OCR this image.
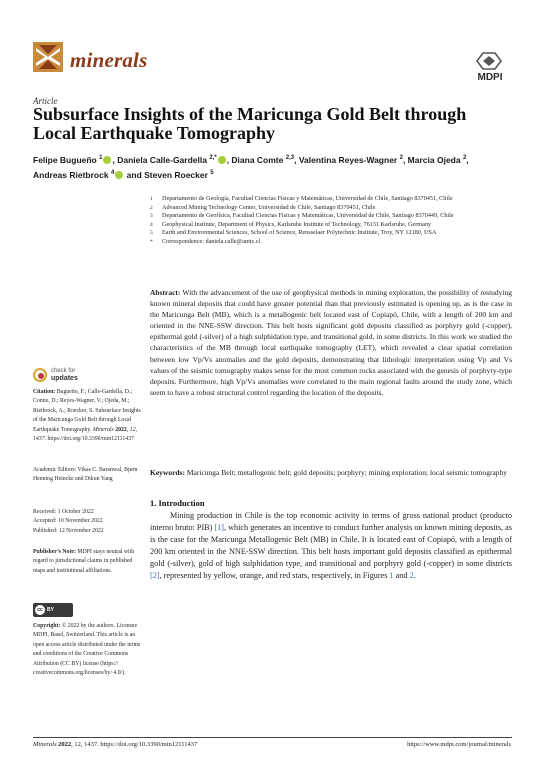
minerals
MDPI
Article
Subsurface Insights of the Maricunga Gold Belt through Local Earthquake Tomography
Felipe Bugueño $^1$ , Daniela Calle-Gardella $^{2,*}$ , Diana Comte $^{2,3}$, Valentina Reyes-Wagner $^2$, Marcia Ojeda $^2$,
Andreas Rietbrock $^4$ and Steven Roecker $^5$
1	Departamento de Geología, Facultad Ciencias Físicas y Matemáticas, Universidad de Chile, Santiago 8370451, Chile
2	Advanced Mining Technology Center, Universidad de Chile, Santiago 8370451, Chile
3	Departamento de Geofísica, Facultad Ciencias Físicas y Matemáticas, Universidad de Chile, Santiago 8370449, Chile
4	Geophysical Institute, Department of Physics, Karlsruhe Institute of Technology, 76131 Karlsruhe, Germany
5	Earth and Environmental Sciences, School of Science, Rensselaer Polytechnic Institute, Troy, NY 12180, USA
*	Correspondence: daniela.calle@amtc.cl
Abstract: With the advancement of the use of geophysical methods in mining exploration, the possibility of restudying known mineral deposits that could have greater potential than that previously estimated is opening up, as is the case in the Maricunga Belt (MB), which is a metallogenic belt located east of Copiapó, Chile, with a length of 200 km and oriented in the NNE-SSW direction. This belt hosts significant gold deposits classified as porphyry gold (-copper), epithermal gold (-silver) of a high sulphidation type, and transitional gold, in some districts. In this work we studied the characteristics of the MB through local earthquake tomography (LET), which revealed a clear spatial correlation between low Vp/Vs anomalies and the gold deposits, demonstrating that lithologic interpretation using Vp and Vs values of the seismic tomography makes sense for the most common rocks associated with the genesis of porphyry-type deposits. Furthermore, high Vp/Vs anomalies were correlated to the main regional faults around the study zone, which seem to have a robust structural control regarding the location of the deposits.
Keywords: Maricunga Belt; metallogenic belt; gold deposits; porphyry; mining exploration; local seismic tomography
check for
updates
Citation: Bugueño, F.; Calle-Gardella, D.; Comte, D.; Reyes-Wagner, V.; Ojeda, M.; Rietbrock, A.; Roecker, S. Subsurface Insights of the Maricunga Gold Belt through Local Earthquake Tomography. Minerals 2022, 12, 1437. https://doi.org/10.3390/min12111437
Academic Editors: Vikas C. Baranwal, Bjørn Henning Heincke and Dikun Yang
Received: 1 October 2022
Accepted: 10 November 2022
Published: 12 November 2022
Publisher’s Note: MDPI stays neutral with regard to jurisdictional claims in published maps and institutional affiliations.
cc BY
Copyright: © 2022 by the authors. Licensee MDPI, Basel, Switzerland. This article is an open access article distributed under the terms and conditions of the Creative Commons Attribution (CC BY) license (https:// creativecommons.org/licenses/by/ 4.0/).
1. Introduction
Mining production in Chile is the top economic activity in terms of gross national product (producto interno bruto: PIB) [1], which generates an incentive to conduct further analysis on known mining deposits, as is the case for the Maricunga Metallogenic Belt (MB) in Chile. It is located east of Copiapó, with a length of 200 km oriented in the NNE-SSW direction. This belt hosts important gold deposits classified as epithermal gold (-silver), gold of high sulphidation type, and transitional and porphyry gold (-copper) in some districts [2], represented by yellow, orange, and red stars, respectively, in Figures 1 and 2.
Minerals 2022, 12, 1437. https://doi.org/10.3390/min12111437	https://www.mdpi.com/journal/minerals
